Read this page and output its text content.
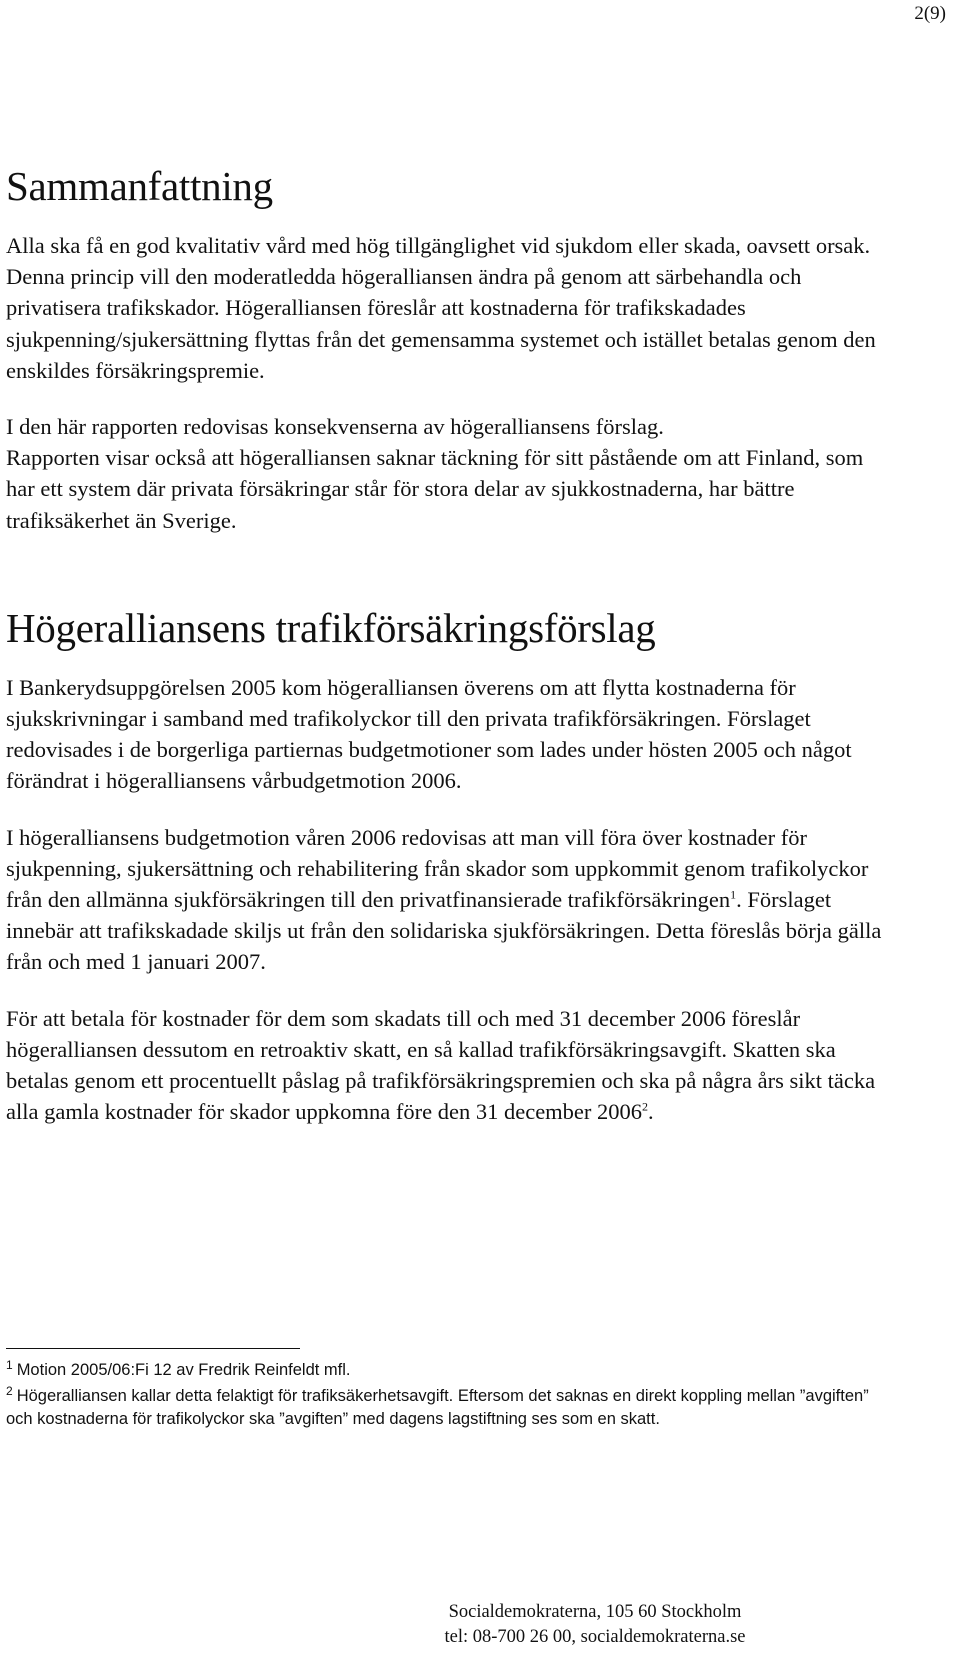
2(9)
Sammanfattning

Alla ska få en god kvalitativ vård med hög tillgänglighet vid sjukdom eller skada, oavsett orsak. Denna princip vill den moderatledda högeralliansen ändra på genom att särbehandla och privatisera trafikskador. Högeralliansen föreslår att kostnaderna för trafikskadades sjukpenning/sjukersättning flyttas från det gemensamma systemet och istället betalas genom den enskildes försäkringspremie.

I den här rapporten redovisas konsekvenserna av högeralliansens förslag.

Rapporten visar också att högeralliansen saknar täckning för sitt påstående om att Finland, som har ett system där privata försäkringar står för stora delar av sjukkostnaderna, har bättre trafiksäkerhet än Sverige.

Högeralliansens trafikförsäkringsförslag

I Bankerydsuppgörelsen 2005 kom högeralliansen överens om att flytta kostnaderna för sjukskrivningar i samband med trafikolyckor till den privata trafikförsäkringen. Förslaget redovisades i de borgerliga partiernas budgetmotioner som lades under hösten 2005 och något förändrat i högeralliansens vårbudgetmotion 2006.

I högeralliansens budgetmotion våren 2006 redovisas att man vill föra över kostnader för sjukpenning, sjukersättning och rehabilitering från skador som uppkommit genom trafikolyckor från den allmänna sjukförsäkringen till den privatfinansierade trafikförsäkringen$^1$. Förslaget innebär att trafikskadade skiljs ut från den solidariska sjukförsäkringen. Detta föreslås börja gälla från och med 1 januari 2007.

För att betala för kostnader för dem som skadats till och med 31 december 2006 föreslår högeralliansen dessutom en retroaktiv skatt, en så kallad trafikförsäkringsavgift. Skatten ska betalas genom ett procentuellt påslag på trafikförsäkringspremien och ska på några års sikt täcka alla gamla kostnader för skador uppkomna före den 31 december 2006$^2$.

$^1$ Motion 2005/06:Fi 12 av Fredrik Reinfeldt mfl.

$^2$ Högeralliansen kallar detta felaktigt för trafiksäkerhetsavgift. Eftersom det saknas en direkt koppling mellan ”avgiften” och kostnaderna för trafikolyckor ska ”avgiften” med dagens lagstiftning ses som en skatt.

Socialdemokraterna, 105 60 Stockholm
tel: 08-700 26 00, socialdemokraterna.se
